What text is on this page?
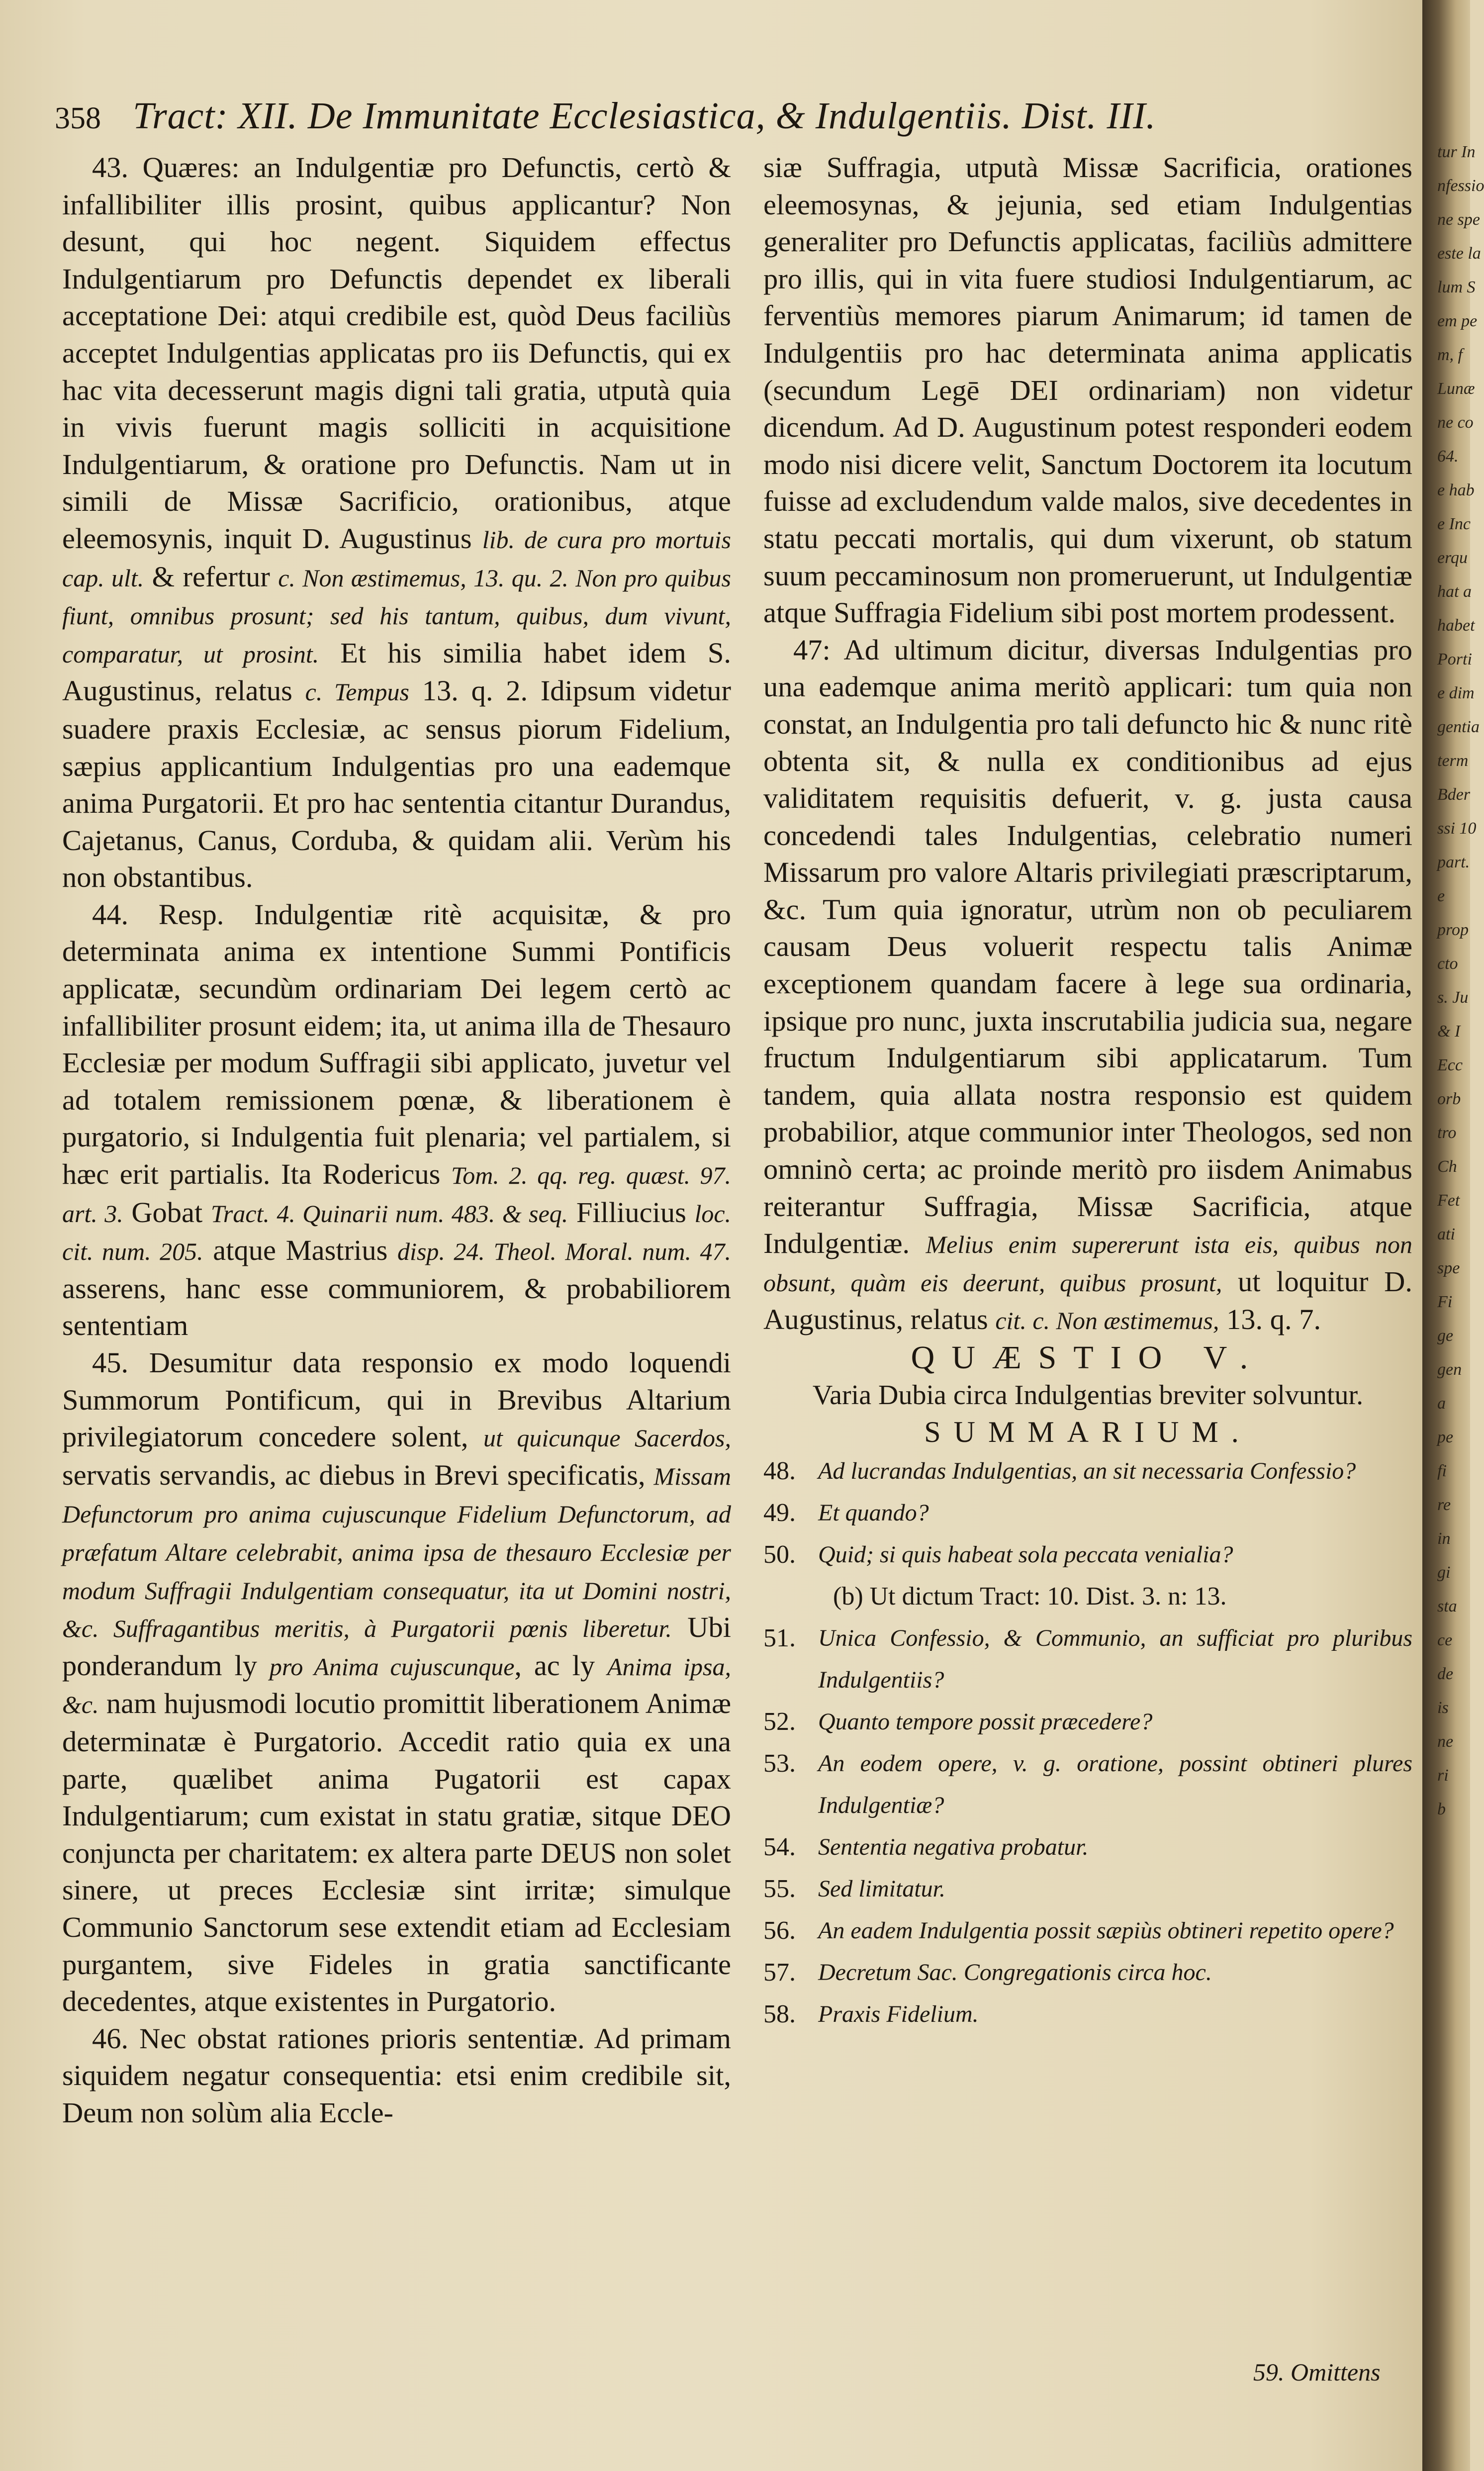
358 Tract: XII. De Immunitate Ecclesiastica, & Indulgentiis. Dist. III.

43. Quæres: an Indulgentiæ pro Defunctis, certò & infallibiliter illis prosint, quibus applicantur? Non desunt, qui hoc negent. Siquidem effectus Indulgentiarum pro Defunctis dependet ex liberali acceptatione Dei: atqui credibile est, quòd Deus faciliùs acceptet Indulgentias applicatas pro iis Defunctis, qui ex hac vita decesserunt magis digni tali gratia, utputà quia in vivis fuerunt magis solliciti in acquisitione Indulgentiarum, & oratione pro Defunctis. Nam ut in simili de Missæ Sacrificio, orationibus, atque eleemosynis, inquit D. Augustinus lib. de cura pro mortuis cap. ult. & refertur c. Non æstimemus, 13. qu. 2. Non pro quibus fiunt, omnibus prosunt; sed his tantum, quibus, dum vivunt, comparatur, ut prosint. Et his similia habet idem S. Augustinus, relatus c. Tempus 13. q. 2. Idipsum videtur suadere praxis Ecclesiæ, ac sensus piorum Fidelium, sæpius applicantium Indulgentias pro una eademque anima Purgatorii. Et pro hac sententia citantur Durandus, Cajetanus, Canus, Corduba, & quidam alii. Verùm his non obstantibus.

44. Resp. Indulgentiæ ritè acquisitæ, & pro determinata anima ex intentione Summi Pontificis applicatæ, secundùm ordinariam Dei legem certò ac infallibiliter prosunt eidem; ita, ut anima illa de Thesauro Ecclesiæ per modum Suffragii sibi applicato, juvetur vel ad totalem remissionem pœnæ, & liberationem è purgatorio, si Indulgentia fuit plenaria; vel partialem, si hæc erit partialis. Ita Rodericus Tom. 2. qq. reg. quæst. 97. art. 3. Gobat Tract. 4. Quinarii num. 483. & seq. Filliucius loc. cit. num. 205. atque Mastrius disp. 24. Theol. Moral. num. 47. asserens, hanc esse communiorem, & probabiliorem sententiam

45. Desumitur data responsio ex modo loquendi Summorum Pontificum, qui in Brevibus Altarium privilegiatorum concedere solent, ut quicunque Sacerdos, servatis servandis, ac diebus in Brevi specificatis, Missam Defunctorum pro anima cujuscunque Fidelium Defunctorum, ad præfatum Altare celebrabit, anima ipsa de thesauro Ecclesiæ per modum Suffragii Indulgentiam consequatur, ita ut Domini nostri, &c. Suffragantibus meritis, à Purgatorii pœnis liberetur. Ubi ponderandum ly pro Anima cujuscunque, ac ly Anima ipsa, &c. nam hujusmodi locutio promittit liberationem Animæ determinatæ è Purgatorio. Accedit ratio quia ex una parte, quælibet anima Pugatorii est capax Indulgentiarum; cum existat in statu gratiæ, sitque DEO conjuncta per charitatem: ex altera parte DEUS non solet sinere, ut preces Ecclesiæ sint irritæ; simulque Communio Sanctorum sese extendit etiam ad Ecclesiam purgantem, sive Fideles in gratia sanctificante decedentes, atque existentes in Purgatorio.

46. Nec obstat rationes prioris sententiæ. Ad primam siquidem negatur consequentia: etsi enim credibile sit, Deum non solùm alia Eccle-

siæ Suffragia, utputà Missæ Sacrificia, orationes eleemosynas, & jejunia, sed etiam Indulgentias generaliter pro Defunctis applicatas, faciliùs admittere pro illis, qui in vita fuere studiosi Indulgentiarum, ac ferventiùs memores piarum Animarum; id tamen de Indulgentiis pro hac determinata anima applicatis (secundum Legē DEI ordinariam) non videtur dicendum. Ad D. Augustinum potest responderi eodem modo nisi dicere velit, Sanctum Doctorem ita locutum fuisse ad excludendum valde malos, sive decedentes in statu peccati mortalis, qui dum vixerunt, ob statum suum peccaminosum non promeruerunt, ut Indulgentiæ atque Suffragia Fidelium sibi post mortem prodessent.

47: Ad ultimum dicitur, diversas Indulgentias pro una eademque anima meritò applicari: tum quia non constat, an Indulgentia pro tali defuncto hic & nunc ritè obtenta sit, & nulla ex conditionibus ad ejus validitatem requisitis defuerit, v. g. justa causa concedendi tales Indulgentias, celebratio numeri Missarum pro valore Altaris privilegiati præscriptarum, &c. Tum quia ignoratur, utrùm non ob peculiarem causam Deus voluerit respectu talis Animæ exceptionem quandam facere à lege sua ordinaria, ipsique pro nunc, juxta inscrutabilia judicia sua, negare fructum Indulgentiarum sibi applicatarum. Tum tandem, quia allata nostra responsio est quidem probabilior, atque communior inter Theologos, sed non omninò certa; ac proinde meritò pro iisdem Animabus reiterantur Suffragia, Missæ Sacrificia, atque Indulgentiæ. Melius enim supererunt ista eis, quibus non obsunt, quàm eis deerunt, quibus prosunt, ut loquitur D. Augustinus, relatus cit. c. Non æstimemus, 13. q. 7.

QUÆSTIO V.

Varia Dubia circa Indulgentias breviter solvuntur.

SUMMARIUM.

48. Ad lucrandas Indulgentias, an sit necessaria Confessio?
49. Et quando?
50. Quid; si quis habeat sola peccata venialia?
(b) Ut dictum Tract: 10. Dist. 3. n: 13.
51. Unica Confessio, & Communio, an sufficiat pro pluribus Indulgentiis?
52. Quanto tempore possit præcedere?
53. An eodem opere, v. g. oratione, possint obtineri plures Indulgentiæ?
54. Sententia negativa probatur.
55. Sed limitatur.
56. An eadem Indulgentia possit sæpiùs obtineri repetito opere?
57. Decretum Sac. Congregationis circa hoc.
58. Praxis Fidelium.
59. Omittens
tur In
nfessio
ne spe
este la
lum S
em pe
m, f
Lunæ
ne co
64.
e hab
e Inc
erqu
hat a
habet
Porti
e dim
gentia
term
Bder
ssi 10
part.
e
prop
cto
s. Ju
& I
Ecc
orb
tro
Ch
Fet
ati
spe
Fi
ge
gen
a
pe
fi
re
in
gi
sta
ce
de
is
ne
ri
b
